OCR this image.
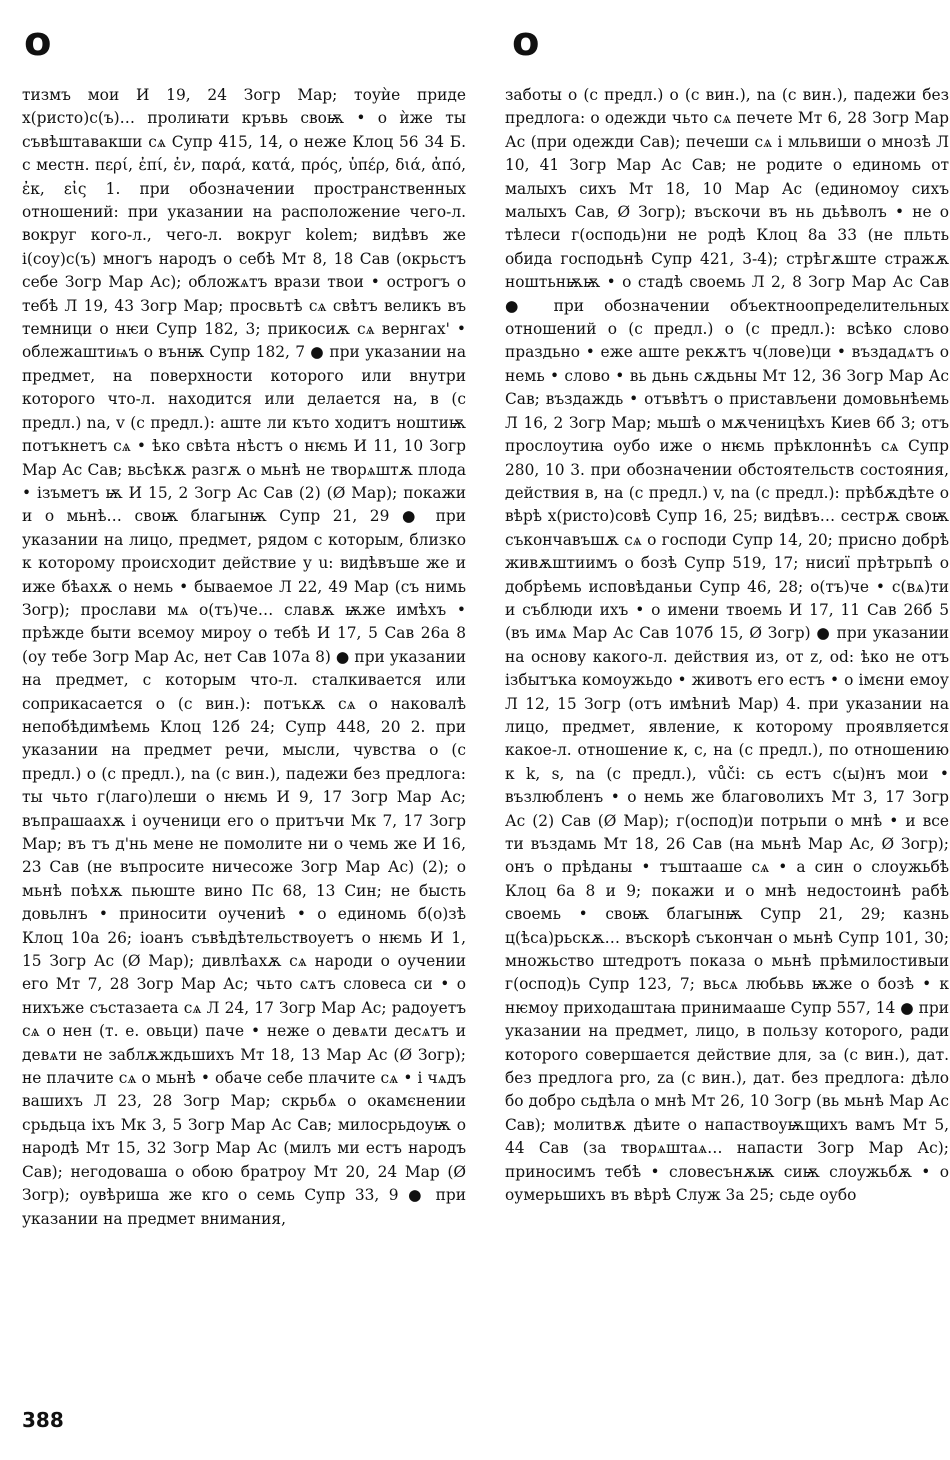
о	о

тизмъ мои И 19, 24 Зогр Мар; тоуѝе приде х(ристо)с(ъ)… пролиꙗти кръвь своѭ • о ѝже ты съвѣштавакши сѧ Супр 415, 14, о неже Клоц 56 34 Б. с местн. περί, ἐπί, ἐν, παρά, κατά, πρός, ὑπέρ, διά, ἀπό, ἐκ, εἰς 1. при обозначении пространственных отношений: при указании на расположение чего-л. вокруг кого-л., чего-л. вокруг kolem; видѣвъ же і(соу)с(ъ) многъ народъ о себѣ Мт 8, 18 Сав (окрьстъ себе Зогр Мар Ас); обложѧтъ врази твои • острогъ о тебѣ Л 19, 43 Зогр Мар; просвьтѣ сѧ свѣтъ великъ въ темници о нѥи Супр 182, 3; прикосиѫ сѧ вернгах' • облежаштиѩъ о вънѭ Супр 182, 7 ● при указании на предмет, на поверхности которого или внутри которого что-л. находится или делается на, в (с предл.) na, v (с предл.): аште ли къто ходитъ ноштиѭ потъкнетъ сѧ • ѣко свѣта нѣстъ о нѥмь И 11, 10 Зогр Мар Ас Сав; вьсѣкѫ разгѫ о мьнѣ не творѧштѫ плода • ізъметъ ѭ И 15, 2 Зогр Ас Сав (2) (Ø Мар); покажи и о мьнѣ… своѭ благынѭ Супр 21, 29 ● при указании на лицо, предмет, рядом с которым, близко к которому происходит действие у u: видѣвъше же и иже бѣахѫ о немь • бываемое Л 22, 49 Мар (съ нимь Зогр); прослави мѧ о(тъ)че… славѫ ѭже имѣхъ • прѣжде быти всемоу мироу о тебѣ И 17, 5 Сав 26а 8 (оу тебе Зогр Мар Ас, нет Сав 107а 8) ● при указании на предмет, с которым что-л. сталкивается или соприкасается о (с вин.): потъкѫ сѧ о наковалѣ непобѣдимѣемь Клоц 12б 24; Супр 448, 20 2. при указании на предмет речи, мысли, чувства о (с предл.) о (с предл.), na (с вин.), падежи без предлога: ты чьто г(лаго)леши о нѥмь И 9, 17 Зогр Мар Ас; въпрашаахѫ і оученици его о притъчи Мк 7, 17 Зогр Мар; въ тъ д'нь мене не помолите ни о чемь же И 16, 23 Сав (не въпросите ничесоже Зогр Мар Ас) (2); о мьнѣ поѣхѫ пьюште вино Пс 68, 13 Син; не бысть довьлнъ • приносити оучениѣ • о единомь б(о)зѣ Клоц 10а 26; іоанъ съвѣдѣтельствоуетъ о нѥмь И 1, 15 Зогр Ас (Ø Мар); дивлѣахѫ сѧ народи о оучении его Мт 7, 28 Зогр Мар Ас; чьто сѧтъ словеса си • о нихъже състазаета сѧ Л 24, 17 Зогр Мар Ас; радоуетъ сѧ о нен (т. е. овьци) паче • неже о девѧти десѧтъ и девѧти не заблѫждьшихъ Мт 18, 13 Мар Ас (Ø Зогр); не плачите сѧ о мьнѣ • обаче себе плачите сѧ • і чѧдъ вашихъ Л 23, 28 Зогр Мар; скрьбѧ о окамєнении срьдьца іхъ Мк 3, 5 Зогр Мар Ас Сав; милосрьдоуѭ о народѣ Мт 15, 32 Зогр Мар Ас (милъ ми естъ народъ Сав); негодоваша о обою братроу Мт 20, 24 Мар (Ø Зогр); оувѣриша же кго о семь Супр 33, 9 ● при указании на предмет внимания,

заботы о (с предл.) о (с вин.), na (с вин.), падежи без предлога: о одежди чьто сѧ печете Мт 6, 28 Зогр Мар Ас (при одежди Сав); печеши сѧ і мльвиши о мнозѣ Л 10, 41 Зогр Мар Ас Сав; не родите о единомь от малыхъ сихъ Мт 18, 10 Мар Ас (единомоу сихъ малыхъ Сав, Ø Зогр); въскочи въ нь дьѣволъ • не о тѣлеси г(осподь)ни не родѣ Клоц 8а 33 (не пльть обида господьнѣ Супр 421, 3-4); стрѣгѫште стражѫ ноштьнѭѭ • о стадѣ своемь Л 2, 8 Зогр Мар Ас Сав ● при обозначении объектноопределительных отношений о (с предл.) о (с предл.): всѣко слово праздьно • еже аште рекѫтъ ч(лове)ци • въздадѧтъ о немь • слово • вь дьнь сѫдьны Мт 12, 36 Зогр Мар Ас Сав; въздаждь • отъвѣтъ о пристављени домовьнѣемь Л 16, 2 Зогр Мар; мьшѣ о мѫченицѣхъ Киев 6б 3; отъ прослоутиꙗ оубо иже о нѥмь прѣклоннѣъ сѧ Супр 280, 10 3. при обозначении обстоятельств состояния, действия в, на (с предл.) v, na (с предл.): прѣбѫдѣте о вѣрѣ х(ристо)совѣ Супр 16, 25; видѣвъ… сестрѫ своѭ съкончавъшѫ сѧ о господи Супр 14, 20; присно добрѣ живѫштиимъ о бозѣ Супр 519, 17; нисиї прѣтрьпѣ о добрѣемь исповѣданьи Супр 46, 28; о(тъ)че • с(вѧ)ти и съблюди ихъ • о имени твоемь И 17, 11 Сав 26б 5 (въ имѧ Мар Ас Сав 107б 15, Ø Зогр) ● при указании на основу какого-л. действия из, от z, od: ѣко не отъ ізбытъка комоужьдо • животъ его естъ • о імєни емоу Л 12, 15 Зогр (отъ имѣниѣ Мар) 4. при указании на лицо, предмет, явление, к которому проявляется какое-л. отношение к, с, на (с предл.), по отношению к k, s, na (с предл.), vůči: сь естъ с(ы)нъ мои • възлюбленъ • о немь же благоволихъ Мт 3, 17 Зогр Ас (2) Сав (Ø Мар); г(оспод)и потрьпи о мнѣ • и все ти въздамь Мт 18, 26 Сав (на мьнѣ Мар Ас, Ø Зогр); онъ о прѣданы • тъштааше сѧ • а син о слоужьбѣ Клоц 6а 8 и 9; покажи и о мнѣ недостоинѣ рабѣ своемь • своѭ благынѭ Супр 21, 29; казнь ц(ѣса)рьскѫ… въскорѣ съкончан о мьнѣ Супр 101, 30; множьство штедротъ показа о мьнѣ прѣмилостивыи г(оспод)ь Супр 123, 7; вьсѧ любьвь ѭже о бозѣ • к нѥмоу приходаштаꙗ принимааше Супр 557, 14 ● при указании на предмет, лицо, в пользу которого, ради которого совершается действие для, за (с вин.), дат. без предлога pro, za (с вин.), дат. без предлога: дѣло бо добро сьдѣла о мнѣ Мт 26, 10 Зогр (вь мьнѣ Мар Ас Сав); молитвѫ дѣите о напаствоуѭщихъ вамъ Мт 5, 44 Сав (за творѧштаѧ… напасти Зогр Мар Ас); приносимъ тебѣ • словесънѫѭ сиѭ слоужьбѫ • о оумерьшихъ въ вѣрѣ Служ 3а 25; сьде оубо

388
